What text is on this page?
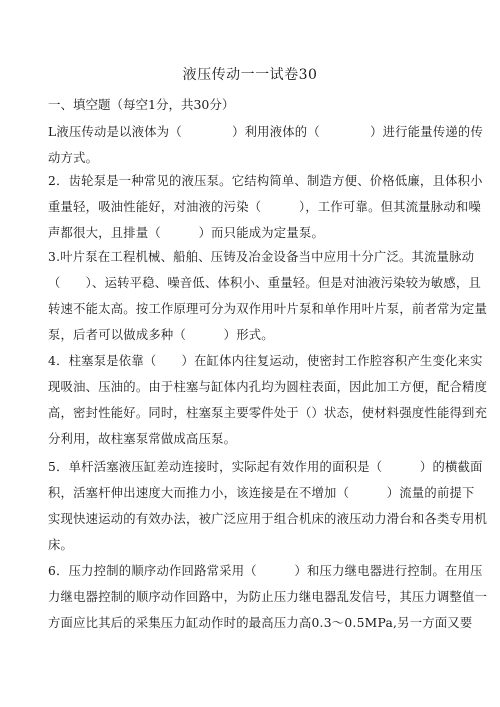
液压传动一一试卷30
一、填空题（每空1分，共30分）
L液压传动是以液体为（　　　　）利用液体的（　　　　）进行能量传递的传
动方式。
2．齿轮泵是一种常见的液压泵。它结构简单、制造方便、价格低廉，且体积小
重量轻，吸油性能好，对油液的污染（　　　），工作可靠。但其流量脉动和噪
声都很大，且排量（　　　）而只能成为定量泵。
3.叶片泵在工程机械、船舶、压铸及冶金设备当中应用十分广泛。其流量脉动
（　　）、运转平稳、噪音低、体积小、重量轻。但是对油液污染较为敏感，且
转速不能太高。按工作原理可分为双作用叶片泵和单作用叶片泵，前者常为定量
泵，后者可以做成多种（　　　）形式。
4．柱塞泵是依靠（　　）在缸体内往复运动，使密封工作腔容积产生变化来实
现吸油、压油的。由于柱塞与缸体内孔均为圆柱表面，因此加工方便，配合精度
高，密封性能好。同时，柱塞泵主要零件处于（）状态，使材料强度性能得到充
分利用，故柱塞泵常做成高压泵。
5．单杆活塞液压缸差动连接时，实际起有效作用的面积是（　　　）的横截面
积，活塞杆伸出速度大而推力小，该连接是在不增加（　　　）流量的前提下
实现快速运动的有效办法，被广泛应用于组合机床的液压动力滑台和各类专用机
床。
6．压力控制的顺序动作回路常采用（　　　）和压力继电器进行控制。在用压
力继电器控制的顺序动作回路中，为防止压力继电器乱发信号，其压力调整值一
方面应比其后的采集压力缸动作时的最高压力高0.3～0.5MPa,另一方面又要
